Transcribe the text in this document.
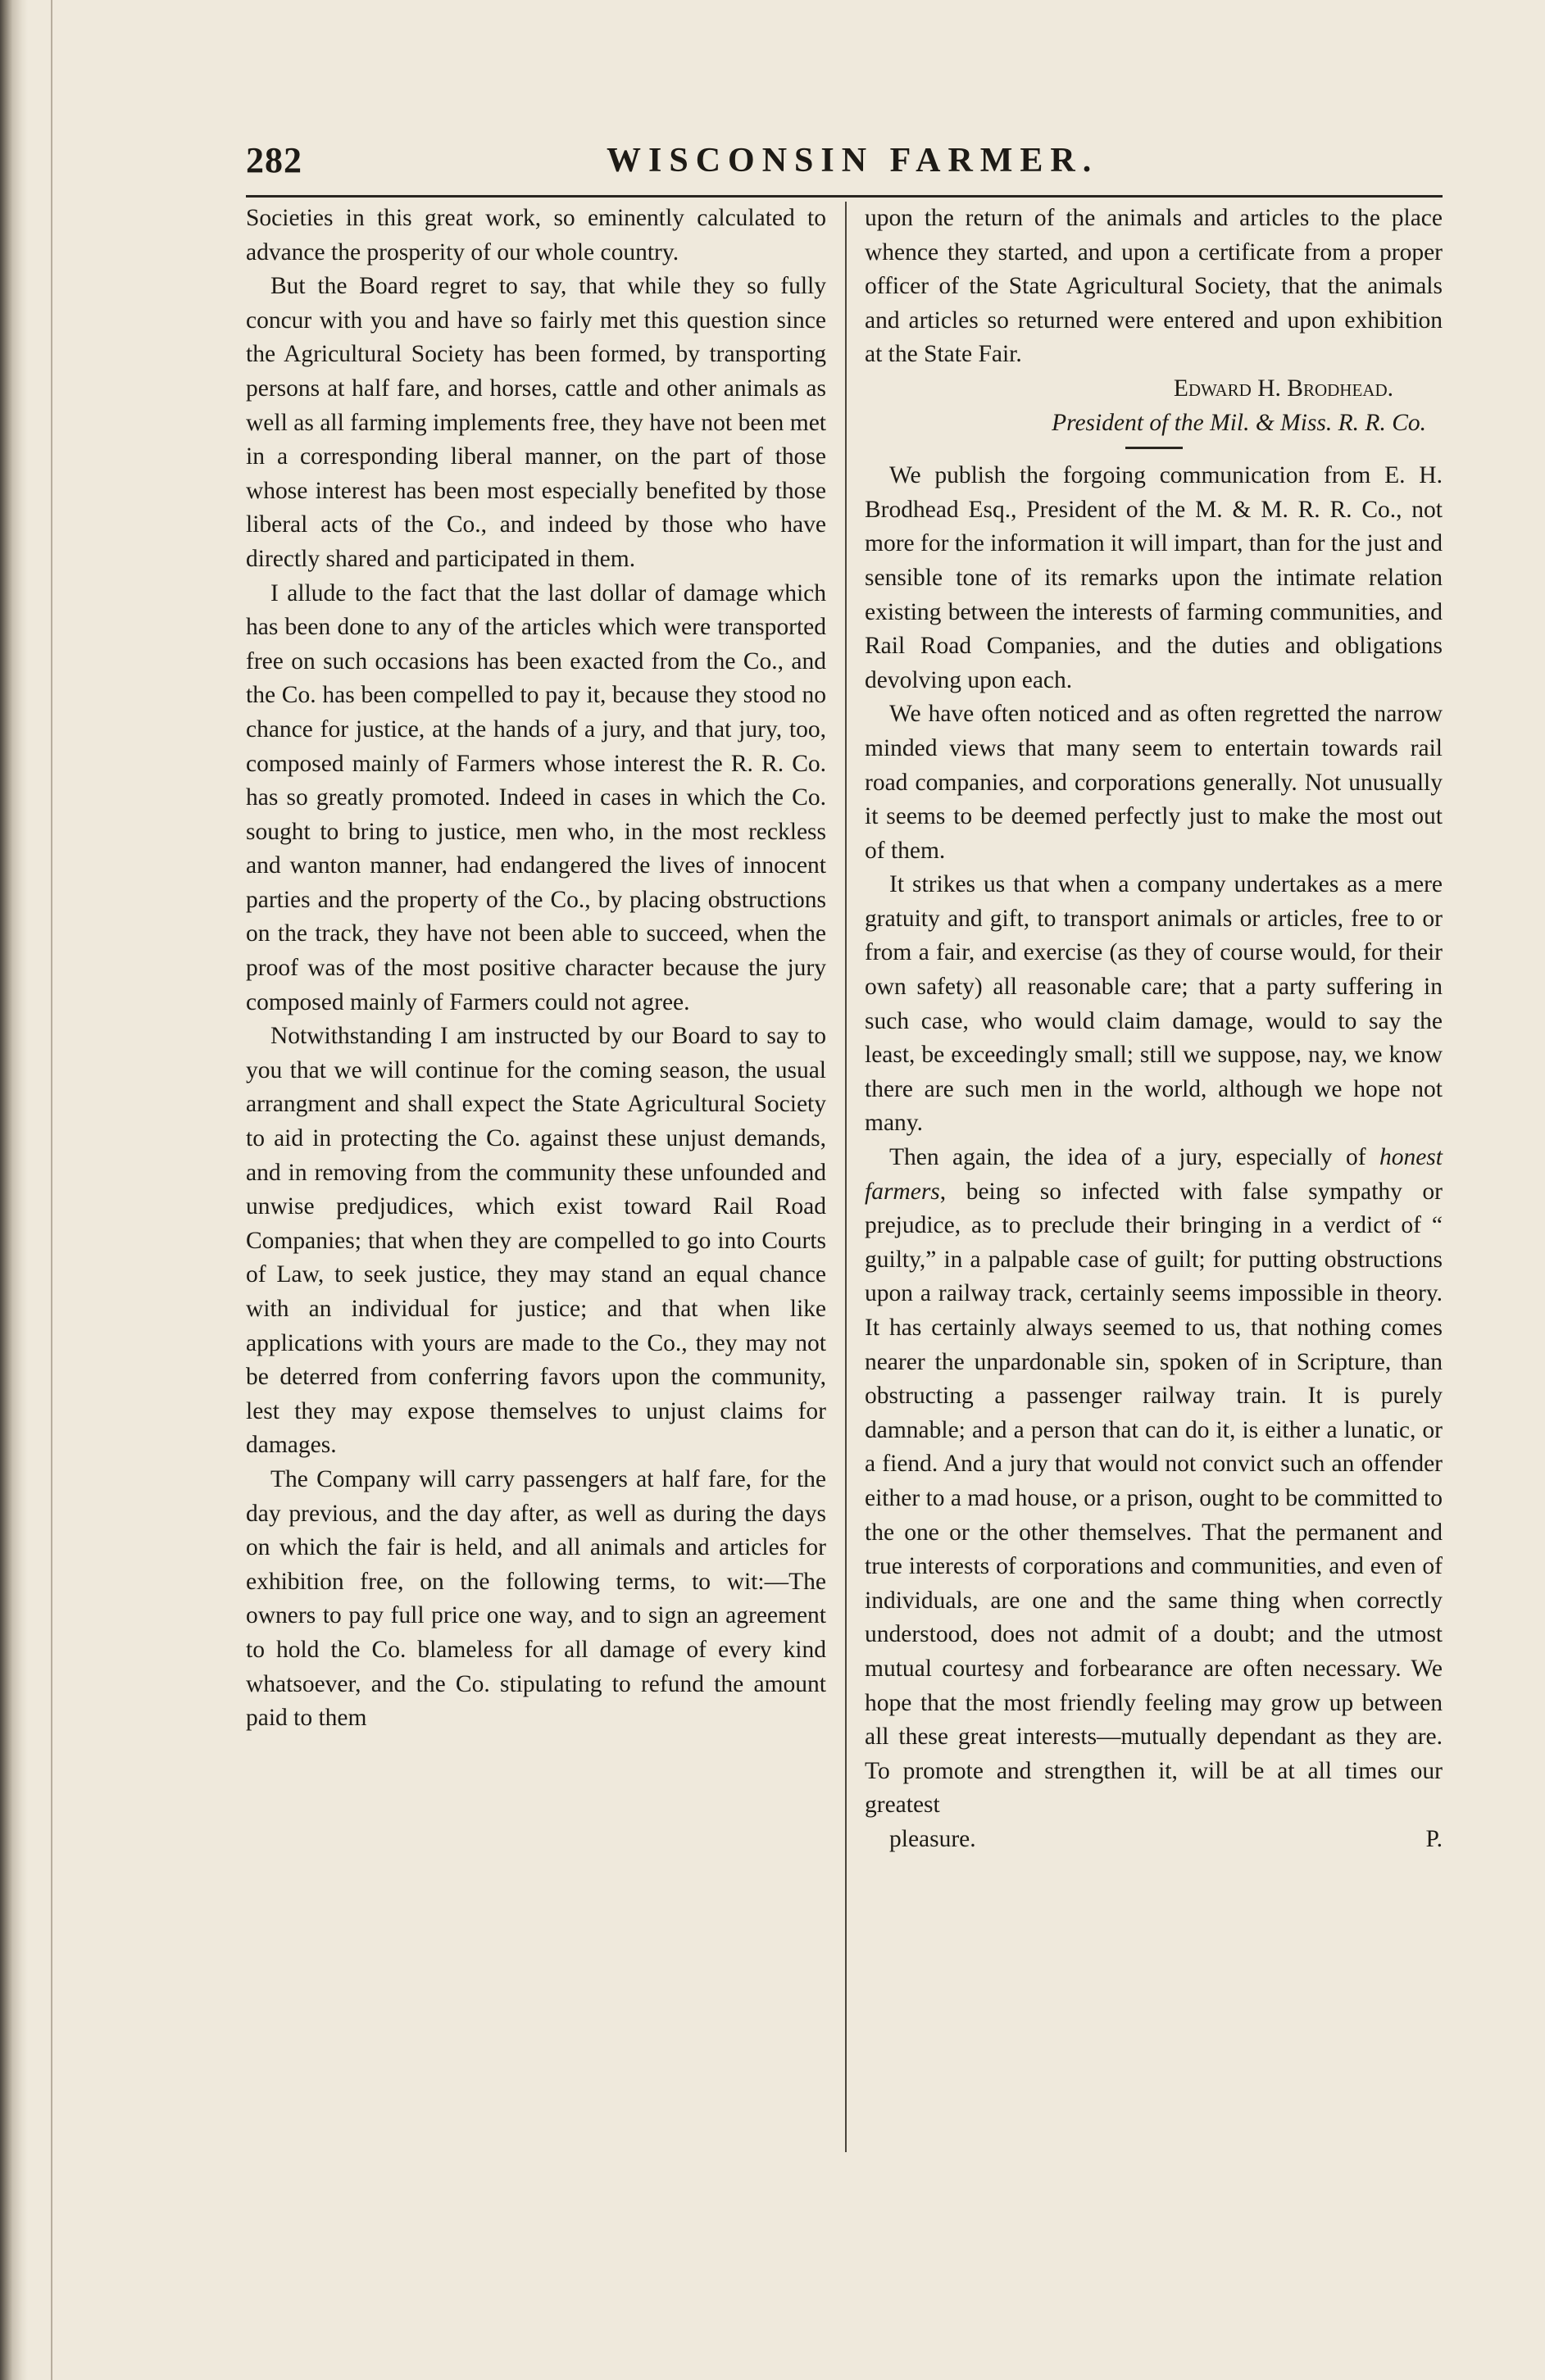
282	WISCONSIN FARMER.

Societies in this great work, so eminently calculated to advance the prosperity of our whole country.

But the Board regret to say, that while they so fully concur with you and have so fairly met this question since the Agricultural Society has been formed, by transporting persons at half fare, and horses, cattle and other animals as well as all farming implements free, they have not been met in a corresponding liberal manner, on the part of those whose interest has been most especially benefited by those liberal acts of the Co., and indeed by those who have directly shared and participated in them.

I allude to the fact that the last dollar of damage which has been done to any of the articles which were transported free on such occasions has been exacted from the Co., and the Co. has been compelled to pay it, because they stood no chance for justice, at the hands of a jury, and that jury, too, composed mainly of Farmers whose interest the R. R. Co. has so greatly promoted. Indeed in cases in which the Co. sought to bring to justice, men who, in the most reckless and wanton manner, had endangered the lives of innocent parties and the property of the Co., by placing obstructions on the track, they have not been able to succeed, when the proof was of the most positive character because the jury composed mainly of Farmers could not agree.

Notwithstanding I am instructed by our Board to say to you that we will continue for the coming season, the usual arrangment and shall expect the State Agricultural Society to aid in protecting the Co. against these unjust demands, and in removing from the community these unfounded and unwise predjudices, which exist toward Rail Road Companies; that when they are compelled to go into Courts of Law, to seek justice, they may stand an equal chance with an individual for justice; and that when like applications with yours are made to the Co., they may not be deterred from conferring favors upon the community, lest they may expose themselves to unjust claims for damages.

The Company will carry passengers at half fare, for the day previous, and the day after, as well as during the days on which the fair is held, and all animals and articles for exhibition free, on the following terms, to wit:—The owners to pay full price one way, and to sign an agreement to hold the Co. blameless for all damage of every kind whatsoever, and the Co. stipulating to refund the amount paid to them

upon the return of the animals and articles to the place whence they started, and upon a certificate from a proper officer of the State Agricultural Society, that the animals and articles so returned were entered and upon exhibition at the State Fair.

Edward H. Brodhead.

President of the Mil. & Miss. R. R. Co.

We publish the forgoing communication from E. H. Brodhead Esq., President of the M. & M. R. R. Co., not more for the information it will impart, than for the just and sensible tone of its remarks upon the intimate relation existing between the interests of farming communities, and Rail Road Companies, and the duties and obligations devolving upon each.

We have often noticed and as often regretted the narrow minded views that many seem to entertain towards rail road companies, and corporations generally. Not unusually it seems to be deemed perfectly just to make the most out of them.

It strikes us that when a company undertakes as a mere gratuity and gift, to transport animals or articles, free to or from a fair, and exercise (as they of course would, for their own safety) all reasonable care; that a party suffering in such case, who would claim damage, would to say the least, be exceedingly small; still we suppose, nay, we know there are such men in the world, although we hope not many.

Then again, the idea of a jury, especially of honest farmers, being so infected with false sympathy or prejudice, as to preclude their bringing in a verdict of “ guilty,” in a palpable case of guilt; for putting obstructions upon a railway track, certainly seems impossible in theory. It has certainly always seemed to us, that nothing comes nearer the unpardonable sin, spoken of in Scripture, than obstructing a passenger railway train. It is purely damnable; and a person that can do it, is either a lunatic, or a fiend. And a jury that would not convict such an offender either to a mad house, or a prison, ought to be committed to the one or the other themselves. That the permanent and true interests of corporations and communities, and even of individuals, are one and the same thing when correctly understood, does not admit of a doubt; and the utmost mutual courtesy and forbearance are often necessary. We hope that the most friendly feeling may grow up between all these great interests—mutually dependant as they are. To promote and strengthen it, will be at all times our greatest

pleasure.	P.
